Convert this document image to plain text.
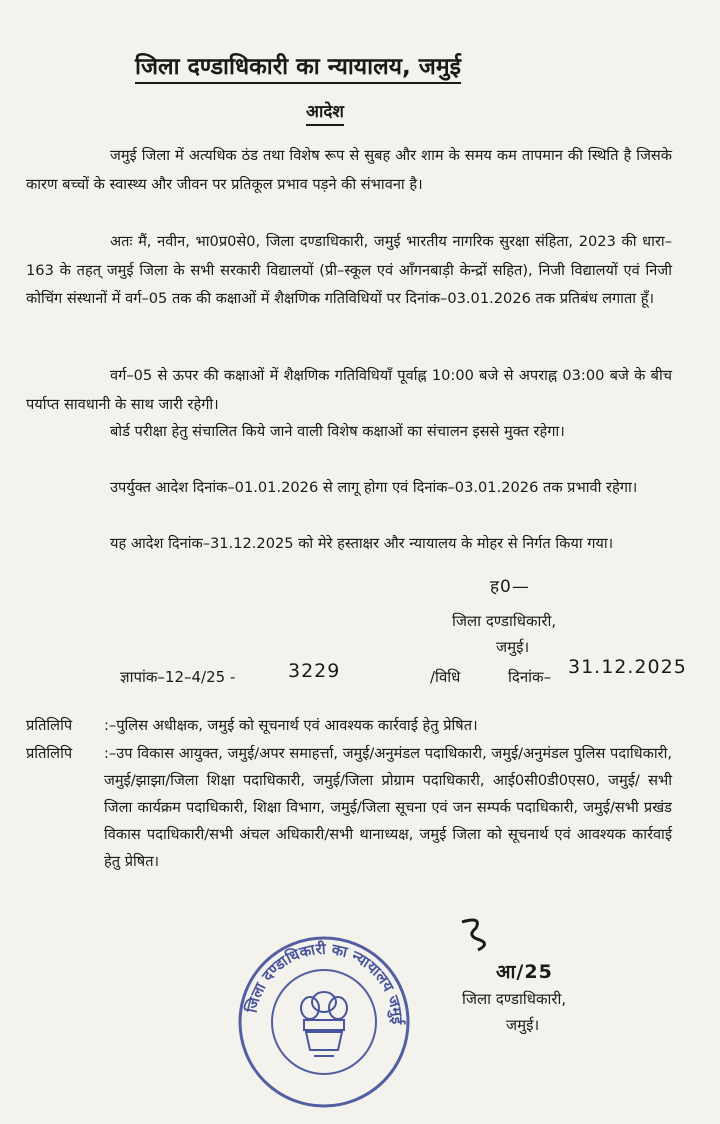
जिला दण्डाधिकारी का न्यायालय, जमुई
आदेश
जमुई जिला में अत्यधिक ठंड तथा विशेष रूप से सुबह और शाम के समय कम तापमान की स्थिति है जिसके कारण बच्चों के स्वास्थ्य और जीवन पर प्रतिकूल प्रभाव पड़ने की संभावना है।
अतः मैं, नवीन, भा0प्र0से0, जिला दण्डाधिकारी, जमुई भारतीय नागरिक सुरक्षा संहिता, 2023 की धारा–163 के तहत् जमुई जिला के सभी सरकारी विद्यालयों (प्री–स्कूल एवं आँगनबाड़ी केन्द्रों सहित), निजी विद्यालयों एवं निजी कोचिंग संस्थानों में वर्ग–05 तक की कक्षाओं में शैक्षणिक गतिविधियों पर दिनांक–03.01.2026 तक प्रतिबंध लगाता हूँ।
वर्ग–05 से ऊपर की कक्षाओं में शैक्षणिक गतिविधियाँ पूर्वाह्न 10:00 बजे से अपराह्न 03:00 बजे के बीच पर्याप्त सावधानी के साथ जारी रहेगी।
बोर्ड परीक्षा हेतु संचालित किये जाने वाली विशेष कक्षाओं का संचालन इससे मुक्त रहेगा।
उपर्युक्त आदेश दिनांक–01.01.2026 से लागू होगा एवं दिनांक–03.01.2026 तक प्रभावी रहेगा।
यह आदेश दिनांक–31.12.2025 को मेरे हस्ताक्षर और न्यायालय के मोहर से निर्गत किया गया।
ह0—
जिला दण्डाधिकारी,
जमुई।
ज्ञापांक–12–4/25 -	3229	/विधि	दिनांक– 31.12.2025
प्रतिलिपि	:–पुलिस अधीक्षक, जमुई को सूचनार्थ एवं आवश्यक कार्रवाई हेतु प्रेषित।
प्रतिलिपि	:–उप विकास आयुक्त, जमुई/अपर समाहर्त्ता, जमुई/अनुमंडल पदाधिकारी, जमुई/अनुमंडल पुलिस पदाधिकारी, जमुई/झाझा/जिला शिक्षा पदाधिकारी, जमुई/जिला प्रोग्राम पदाधिकारी, आई0सी0डी0एस0, जमुई/ सभी जिला कार्यक्रम पदाधिकारी, शिक्षा विभाग, जमुई/जिला सूचना एवं जन सम्पर्क पदाधिकारी, जमुई/सभी प्रखंड विकास पदाधिकारी/सभी अंचल अधिकारी/सभी थानाध्यक्ष, जमुई जिला को सूचनार्थ एवं आवश्यक कार्रवाई हेतु प्रेषित।
जिला दण्डाधिकारी का न्यायालय जमुई
आ/25
जिला दण्डाधिकारी,
जमुई।
